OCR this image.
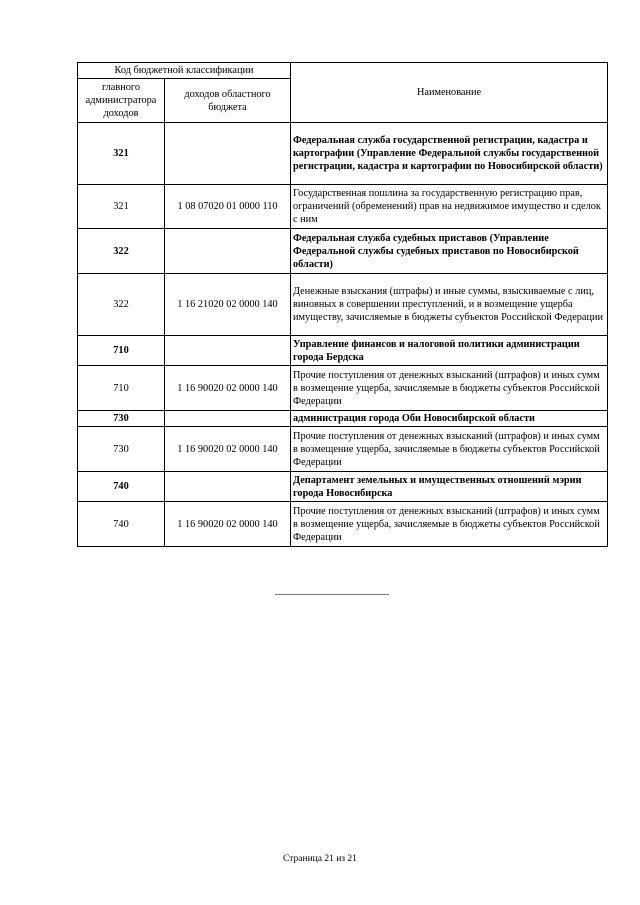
Код бюджетной классификации		Наименование
главного администратора доходов	доходов областного бюджета	
321		Федеральная служба государственной регистрации, кадастра и картографии (Управление Федеральной службы государственной регистрации, кадастра и картографии по Новосибирской области)
321	1 08 07020 01 0000 110	Государственная пошлина за государственную регистрацию прав, ограничений (обременений) прав на недвижимое имущество и сделок с ним
322		Федеральная служба судебных приставов (Управление Федеральной службы судебных приставов по Новосибирской области)
322	1 16 21020 02 0000 140	Денежные взыскания (штрафы) и иные суммы, взыскиваемые с лиц, виновных в совершении преступлений, и в возмещение ущерба имуществу, зачисляемые в бюджеты субъектов Российской Федерации
710		Управление финансов и налоговой политики администрации города Бердска
710	1 16 90020 02 0000 140	Прочие поступления от денежных взысканий (штрафов) и иных сумм в возмещение ущерба, зачисляемые в бюджеты субъектов Российской Федерации
730		администрация города Оби Новосибирской области
730	1 16 90020 02 0000 140	Прочие поступления от денежных взысканий (штрафов) и иных сумм в возмещение ущерба, зачисляемые в бюджеты субъектов Российской Федерации
740		Департамент земельных и имущественных отношений мэрии города Новосибирска
740	1 16 90020 02 0000 140	Прочие поступления от денежных взысканий (штрафов) и иных сумм в возмещение ущерба, зачисляемые в бюджеты субъектов Российской Федерации
Страница 21 из 21
